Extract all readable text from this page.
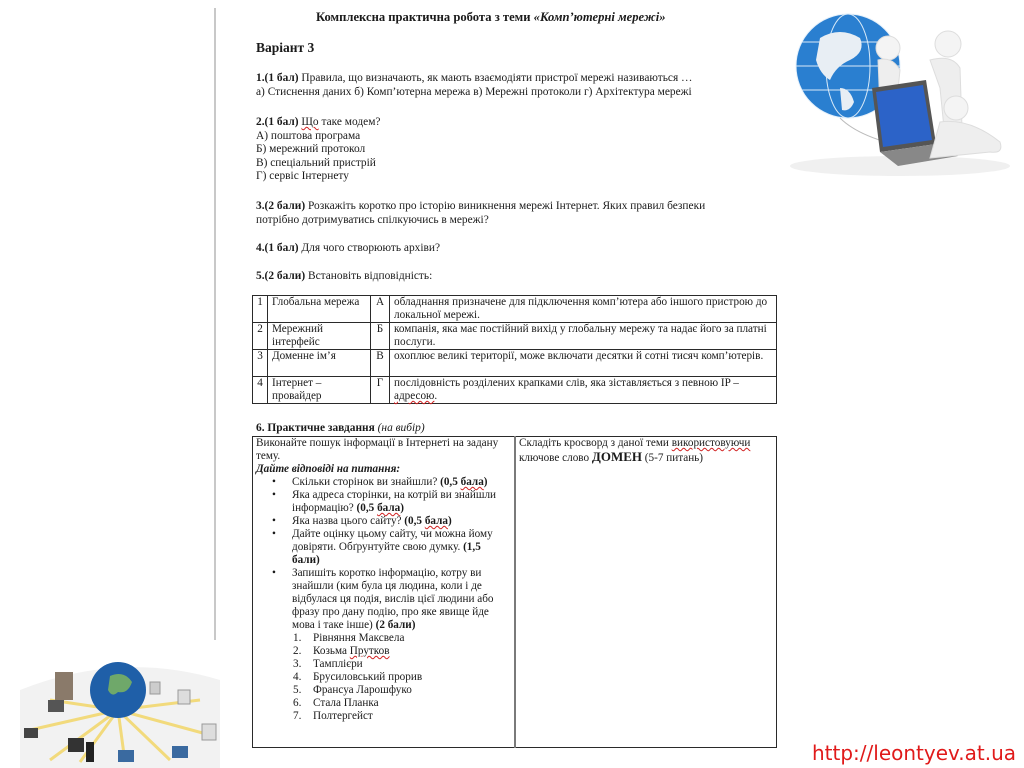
Комплексна практична робота з теми «Комп’ютерні мережі»
Варіант 3
1.(1 бал) Правила, що визначають, як мають взаємодіяти пристрої мережі називаються …
а) Стиснення даних б) Комп’ютерна мережа в) Мережні протоколи г) Архітектура мережі
2.(1 бал) Що таке модем?
А) поштова програма
Б) мережний протокол
В) спеціальний пристрій
Г) сервіс Інтернету
3.(2 бали) Розкажіть коротко про історію виникнення мережі Інтернет. Яких правил безпеки
потрібно дотримуватись спілкуючись в мережі?
4.(1 бал) Для чого створюють архіви?
5.(2 бали) Встановіть відповідність:
1	Глобальна мережа	А	обладнання призначене для підключення комп’ютера або іншого пристрою до локальної мережі.
2	Мережний інтерфейс	Б	компанія, яка має постійний вихід у глобальну мережу та надає його за платні послуги.
3	Доменне ім’я	В	охоплює великі території, може включати десятки й сотні тисяч комп’ютерів.
4	Інтернет – провайдер	Г	послідовність розділених крапками слів, яка зіставляється з певною IP – адресою.
6. Практичне завдання (на вибір)
Виконайте пошук інформації в Інтернеті на задану тему.
Дайте відповіді на питання:
• Скільки сторінок ви знайшли? (0,5 бала)
• Яка адреса сторінки, на котрій ви знайшли інформацію? (0,5 бала)
• Яка назва цього сайту? (0,5 бала)
• Дайте оцінку цьому сайту, чи можна йому довіряти. Обґрунтуйте свою думку. (1,5 бали)
• Запишіть коротко інформацію, котру ви знайшли (ким була ця людина, коли і де відбулася ця подія, вислів цієї людини або фразу про дану подію, про яке явище йде мова і таке інше) (2 бали)
1. Рівняння Максвела
2. Козьма Прутков
3. Тамплієри
4. Брусиловський прорив
5. Франсуа Ларошфуко
6. Стала Планка
7. Полтергейст
	Складіть кросворд з даної теми використовуючи ключове слово ДОМЕН (5-7 питань)
http://leontyev.at.ua
